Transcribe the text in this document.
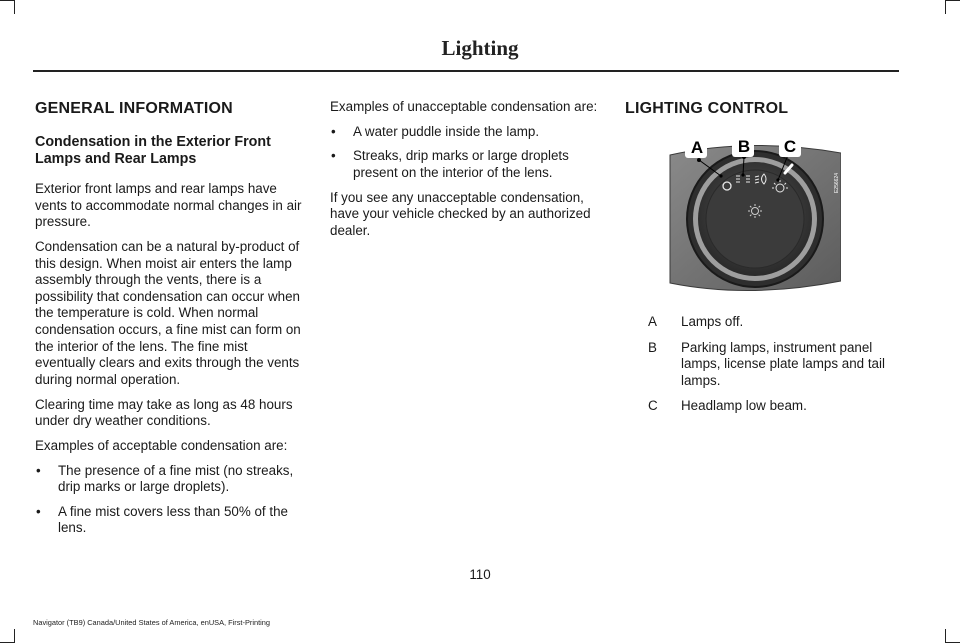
Lighting
GENERAL INFORMATION
Condensation in the Exterior Front Lamps and Rear Lamps

Exterior front lamps and rear lamps have vents to accommodate normal changes in air pressure.

Condensation can be a natural by-product of this design. When moist air enters the lamp assembly through the vents, there is a possibility that condensation can occur when the temperature is cold. When normal condensation occurs, a fine mist can form on the interior of the lens. The fine mist eventually clears and exits through the vents during normal operation.

Clearing time may take as long as 48 hours under dry weather conditions.

Examples of acceptable condensation are:

• The presence of a fine mist (no streaks, drip marks or large droplets).
• A fine mist covers less than 50% of the lens.

Examples of unacceptable condensation are:

• A water puddle inside the lamp.
• Streaks, drip marks or large droplets present on the interior of the lens.

If you see any unacceptable condensation, have your vehicle checked by an authorized dealer.

LIGHTING CONTROL
A B C
E256624
A	Lamps off.
B	Parking lamps, instrument panel lamps, license plate lamps and tail lamps.
C	Headlamp low beam.
110
Navigator (TB9) Canada/United States of America, enUSA, First-Printing
